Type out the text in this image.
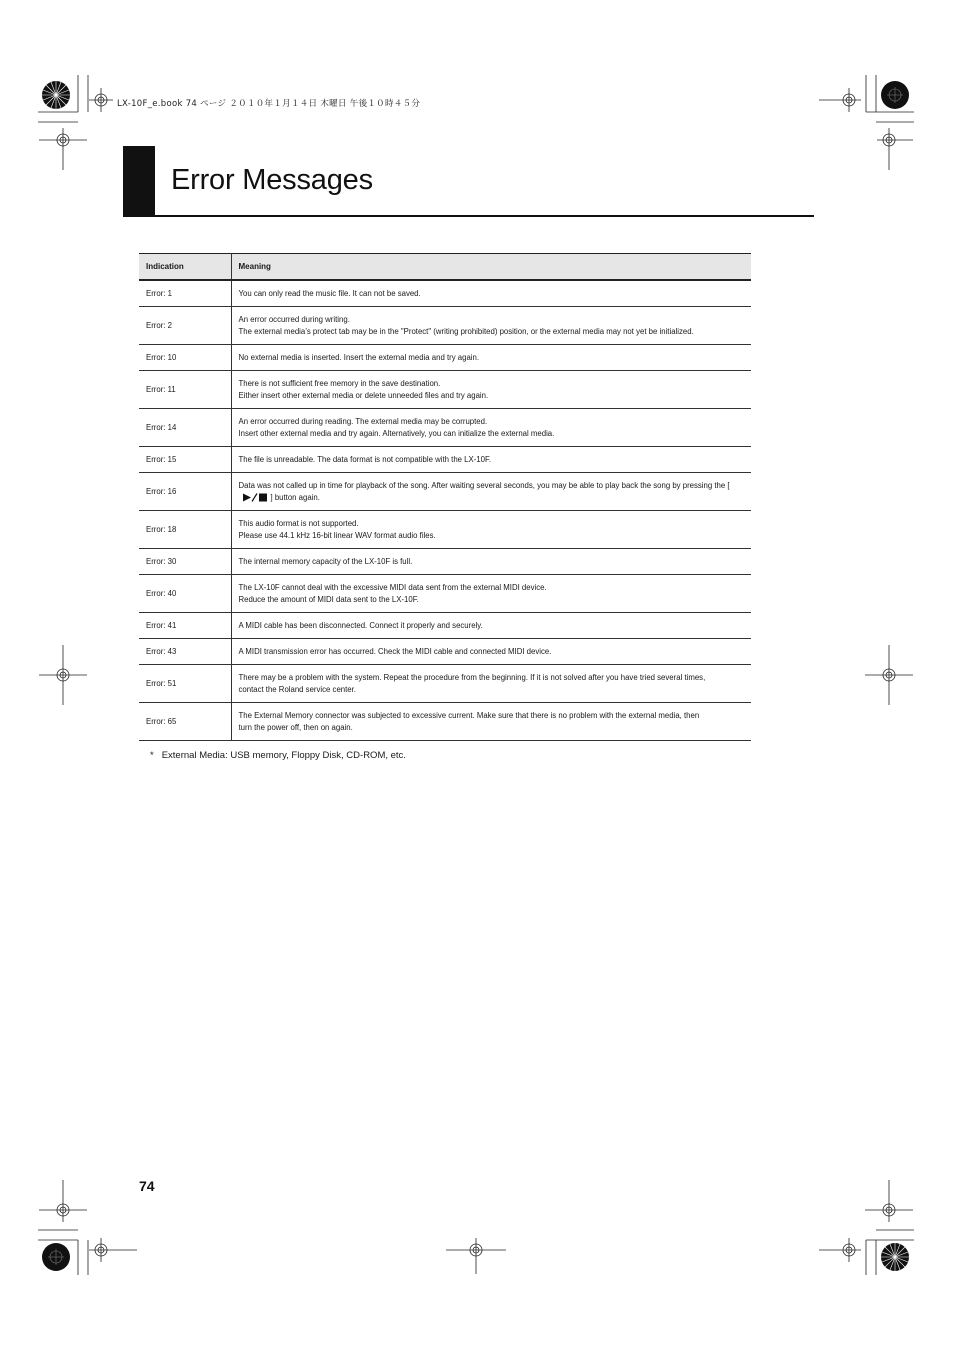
LX-10F_e.book 74 ページ ２０１０年１月１４日 木曜日 午後１０時４５分
Error Messages
Indication	Meaning
Error: 1	You can only read the music file. It can not be saved.

Error: 2	An error occurred during writing.
The external media’s protect tab may be in the "Protect" (writing prohibited) position, or the external media may not yet be initialized.

Error: 10	No external media is inserted. Insert the external media and try again.

Error: 11	There is not sufficient free memory in the save destination.
Either insert other external media or delete unneeded files and try again.

Error: 14	An error occurred during reading. The external media may be corrupted.
Insert other external media and try again. Alternatively, you can initialize the external media.

Error: 15	The file is unreadable. The data format is not compatible with the LX-10F.

Error: 16	Data was not called up in time for playback of the song. After waiting several seconds, you may be able to play back the song by pressing the [] button again.

Error: 18	This audio format is not supported.
Please use 44.1 kHz 16-bit linear WAV format audio files.

Error: 30	The internal memory capacity of the LX-10F is full.

Error: 40	The LX-10F cannot deal with the excessive MIDI data sent from the external MIDI device.
Reduce the amount of MIDI data sent to the LX-10F.

Error: 41	A MIDI cable has been disconnected. Connect it properly and securely.

Error: 43	A MIDI transmission error has occurred. Check the MIDI cable and connected MIDI device.

Error: 51	There may be a problem with the system. Repeat the procedure from the beginning. If it is not solved after you have tried several times,
contact the Roland service center.

Error: 65	The External Memory connector was subjected to excessive current. Make sure that there is no problem with the external media, then
turn the power off, then on again.
* External Media: USB memory, Floppy Disk, CD-ROM, etc.
74
